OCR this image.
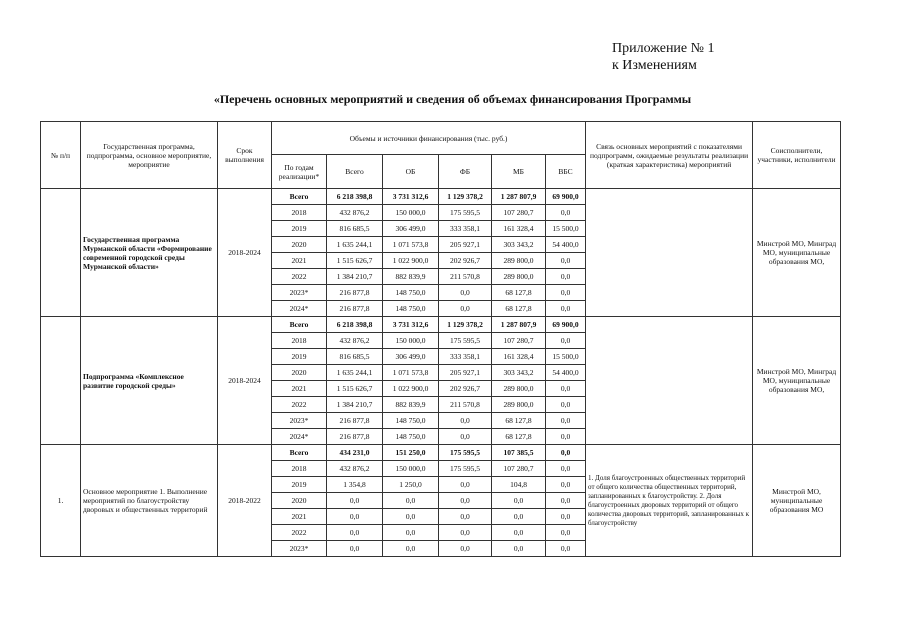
Приложение № 1
к Изменениям
«Перечень основных мероприятий и сведения об объемах финансирования Программы
№ п/п	Государственная программа, подпрограмма, основное мероприятие, мероприятие	Срок выполнения	Объемы и источники финансирования (тыс. руб.)						Связь основных мероприятий с показателями подпрограмм, ожидаемые результаты реализации (краткая характеристика) мероприятий	Соисполнители, участники, исполнители
			По годам реализации*	Всего	ОБ	ФБ	МБ	ВБС		
	Государственная программа Мурманской области «Формирование современной городской среды Мурманской области»	2018-2024	Всего	6 218 398,8	3 731 312,6	1 129 378,2	1 287 807,9	69 900,0		Минстрой МО, Минград МО, муниципальные образования МО,
			2018	432 876,2	150 000,0	175 595,5	107 280,7	0,0		
			2019	816 685,5	306 499,0	333 358,1	161 328,4	15 500,0		
			2020	1 635 244,1	1 071 573,8	205 927,1	303 343,2	54 400,0		
			2021	1 515 626,7	1 022 900,0	202 926,7	289 800,0	0,0		
			2022	1 384 210,7	882 839,9	211 570,8	289 800,0	0,0		
			2023*	216 877,8	148 750,0	0,0	68 127,8	0,0		
			2024*	216 877,8	148 750,0	0,0	68 127,8	0,0		
	Подпрограмма «Комплексное развитие городской среды»	2018-2024	Всего	6 218 398,8	3 731 312,6	1 129 378,2	1 287 807,9	69 900,0		Минстрой МО, Минград МО, муниципальные образования МО,
			2018	432 876,2	150 000,0	175 595,5	107 280,7	0,0		
			2019	816 685,5	306 499,0	333 358,1	161 328,4	15 500,0		
			2020	1 635 244,1	1 071 573,8	205 927,1	303 343,2	54 400,0		
			2021	1 515 626,7	1 022 900,0	202 926,7	289 800,0	0,0		
			2022	1 384 210,7	882 839,9	211 570,8	289 800,0	0,0		
			2023*	216 877,8	148 750,0	0,0	68 127,8	0,0		
			2024*	216 877,8	148 750,0	0,0	68 127,8	0,0		
1.	Основное мероприятие 1. Выполнение мероприятий по благоустройству дворовых и общественных территорий	2018-2022	Всего	434 231,0	151 250,0	175 595,5	107 385,5	0,0	1. Доля благоустроенных общественных территорий от общего количества общественных территорий, запланированных к благоустройству. 2. Доля благоустроенных дворовых территорий от общего количества дворовых территорий, запланированных к благоустройству	Минстрой МО, муниципальные образования МО
			2018	432 876,2	150 000,0	175 595,5	107 280,7	0,0		
			2019	1 354,8	1 250,0	0,0	104,8	0,0		
			2020	0,0	0,0	0,0	0,0	0,0		
			2021	0,0	0,0	0,0	0,0	0,0		
			2022	0,0	0,0	0,0	0,0	0,0		
			2023*	0,0	0,0	0,0	0,0	0,0		
